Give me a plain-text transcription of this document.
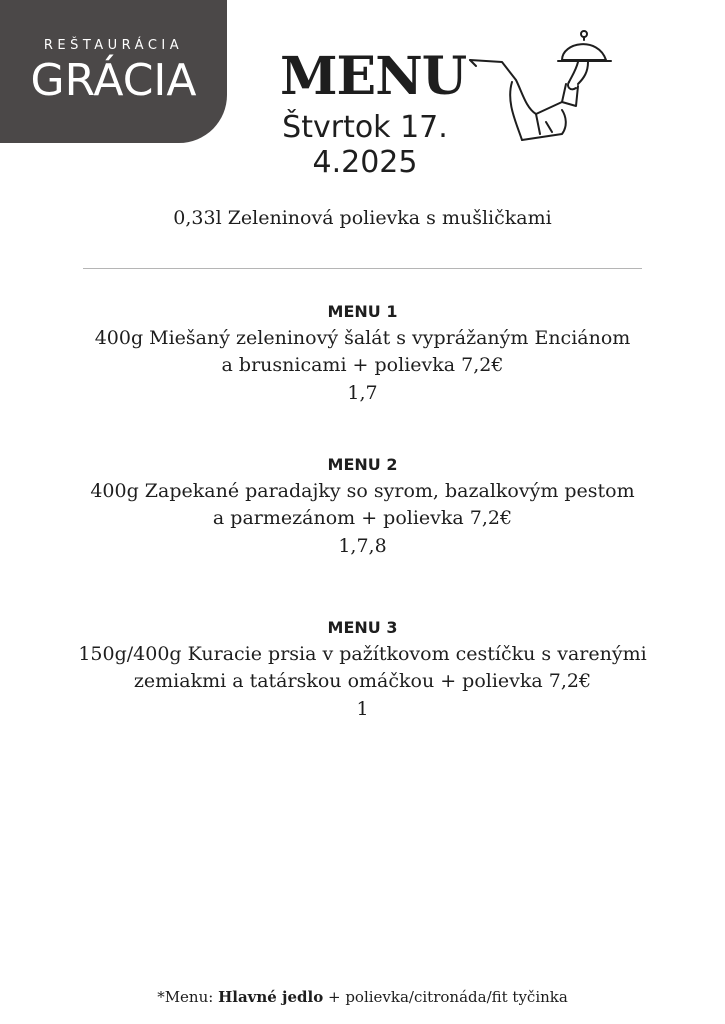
REŠTAURÁCIA
GRÁCIA	MENU
Štvrtok 17. 4.2025
0,33l Zeleninová polievka s mušličkami
MENU 1
400g Miešaný zeleninový šalát s vyprážaným Enciánom
a brusnicami + polievka 7,2€
1,7
MENU 2
400g Zapekané paradajky so syrom, bazalkovým pestom
a parmezánom + polievka 7,2€
1,7,8
MENU 3
150g/400g Kuracie prsia v pažítkovom cestíčku s varenými
zemiakmi a tatárskou omáčkou + polievka 7,2€
1
*Menu: Hlavné jedlo + polievka/citronáda/fit tyčinka
